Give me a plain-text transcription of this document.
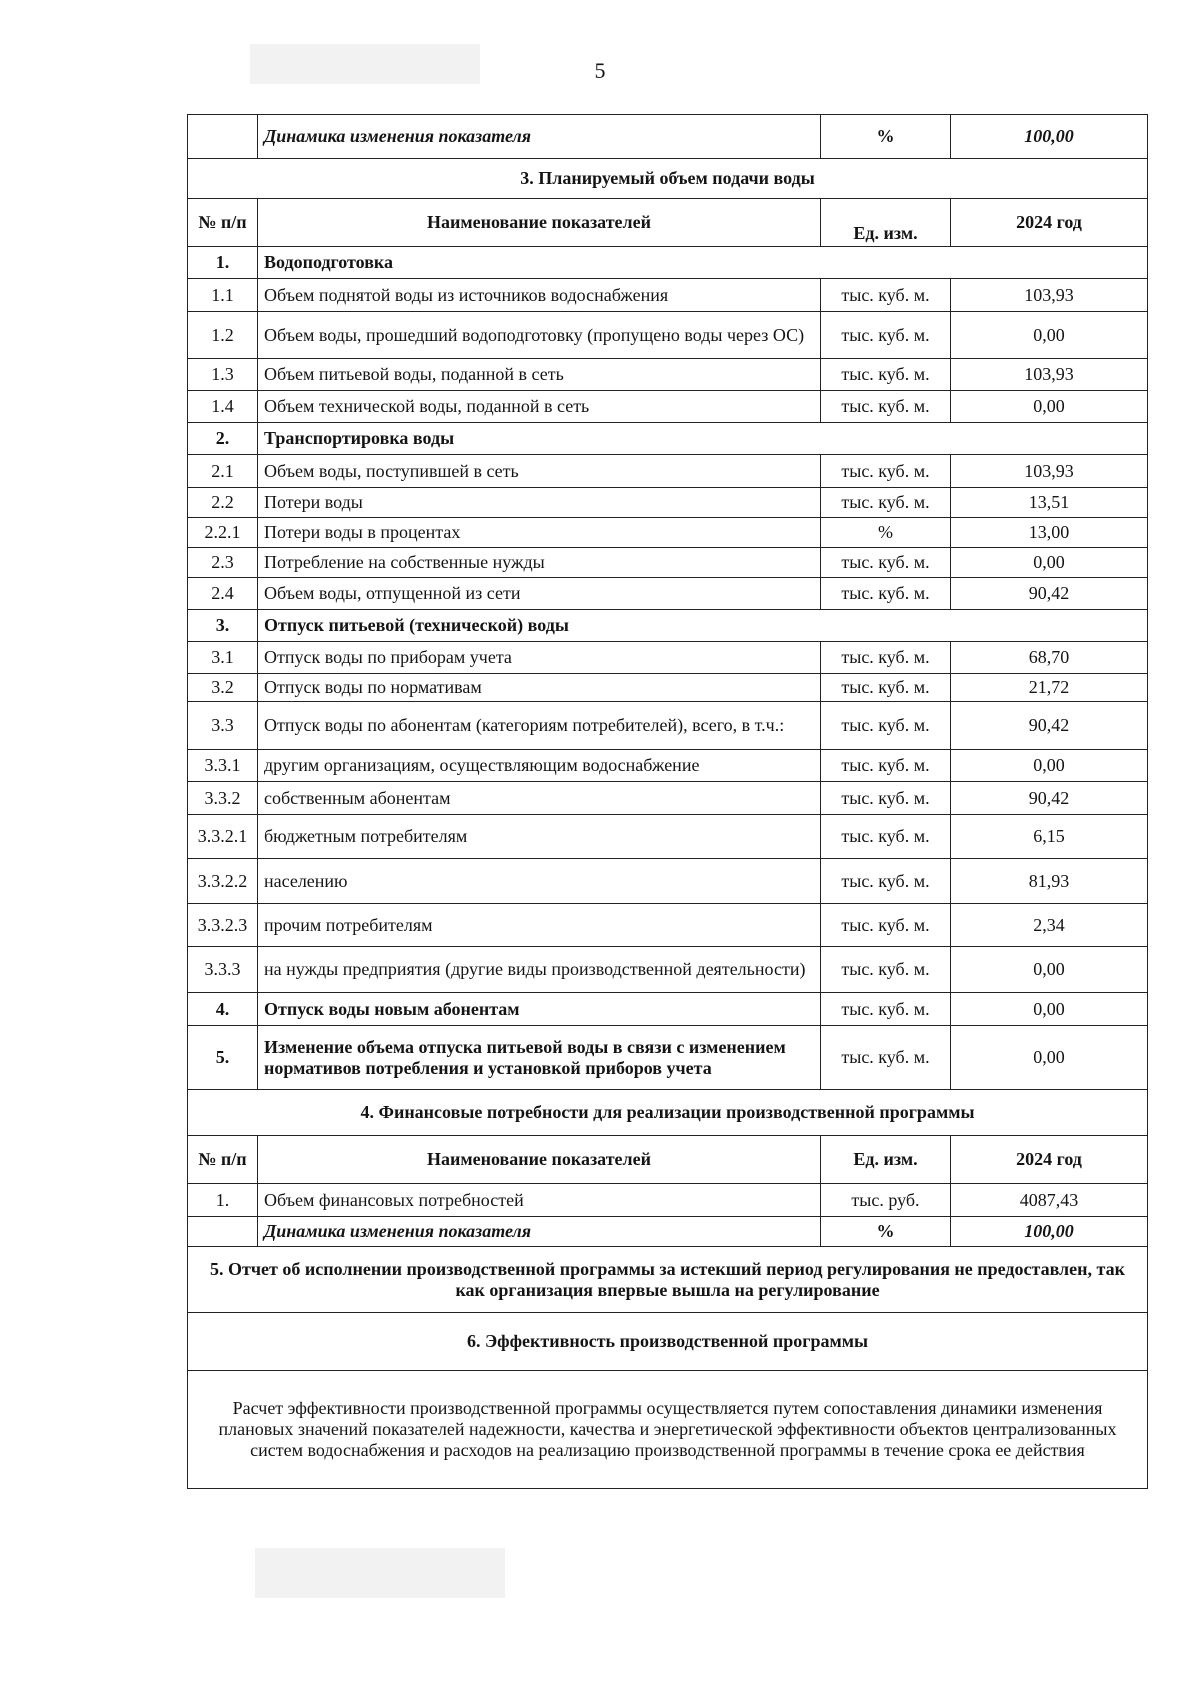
5
	Динамика изменения показателя	%	100,00
3. Планируемый объем подачи воды			
№ п/п	Наименование показателей	Ед. изм.	2024 год
1.	Водоподготовка		
1.1	Объем поднятой воды из источников водоснабжения	тыс. куб. м.	103,93
1.2	Объем воды, прошедший водоподготовку (пропущено воды через ОС)	тыс. куб. м.	0,00
1.3	Объем питьевой воды, поданной в сеть	тыс. куб. м.	103,93
1.4	Объем технической воды, поданной в сеть	тыс. куб. м.	0,00
2.	Транспортировка воды		
2.1	Объем воды, поступившей в сеть	тыс. куб. м.	103,93
2.2	Потери воды	тыс. куб. м.	13,51
2.2.1	Потери воды в процентах	%	13,00
2.3	Потребление на собственные нужды	тыс. куб. м.	0,00
2.4	Объем воды, отпущенной из сети	тыс. куб. м.	90,42
3.	Отпуск питьевой (технической) воды		
3.1	Отпуск воды по приборам учета	тыс. куб. м.	68,70
3.2	Отпуск воды по нормативам	тыс. куб. м.	21,72
3.3	Отпуск воды по абонентам (категориям потребителей), всего, в т.ч.:	тыс. куб. м.	90,42
3.3.1	другим организациям, осуществляющим водоснабжение	тыс. куб. м.	0,00
3.3.2	собственным абонентам	тыс. куб. м.	90,42
3.3.2.1	бюджетным потребителям	тыс. куб. м.	6,15
3.3.2.2	населению	тыс. куб. м.	81,93
3.3.2.3	прочим потребителям	тыс. куб. м.	2,34
3.3.3	на нужды предприятия (другие виды производственной деятельности)	тыс. куб. м.	0,00
4.	Отпуск воды новым абонентам	тыс. куб. м.	0,00
5.	Изменение объема отпуска питьевой воды в связи с изменением нормативов потребления и установкой приборов учета	тыс. куб. м.	0,00
4. Финансовые потребности для реализации производственной программы			
№ п/п	Наименование показателей	Ед. изм.	2024 год
1.	Объем финансовых потребностей	тыс. руб.	4087,43
	Динамика изменения показателя	%	100,00
5. Отчет об исполнении производственной программы за истекший период регулирования не предоставлен, так как организация впервые вышла на регулирование			
6. Эффективность производственной программы			
Расчет эффективности производственной программы осуществляется путем сопоставления динамики изменения плановых значений показателей надежности, качества и энергетической эффективности объектов централизованных систем водоснабжения и расходов на реализацию производственной программы в течение срока ее действия			
